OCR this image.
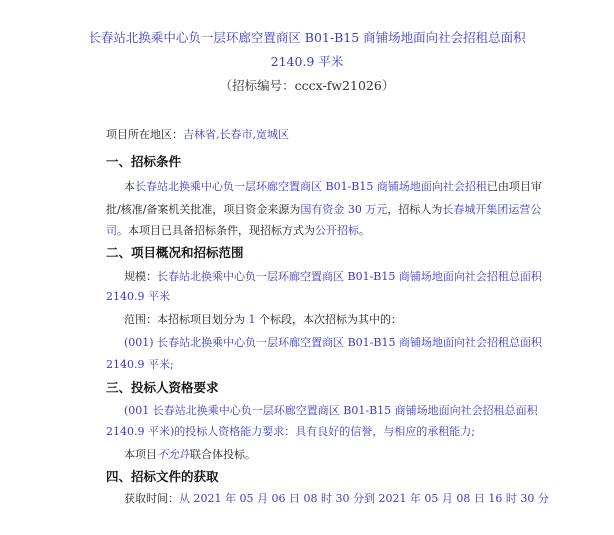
长春站北换乘中心负一层环廊空置商区 B01-B15 商铺场地面向社会招租总面积
2140.9 平米
（招标编号：cccx-fw21026）
项目所在地区：吉林省,长春市,宽城区
一、招标条件
本长春站北换乘中心负一层环廊空置商区 B01-B15 商铺场地面向社会招租已由项目审
批/核准/备案机关批准，项目资金来源为国有资金 30 万元，招标人为长春城开集团运营公
司。本项目已具备招标条件，现招标方式为公开招标。
二、项目概况和招标范围
规模：长春站北换乘中心负一层环廊空置商区 B01-B15 商铺场地面向社会招租总面积
2140.9 平米
范围：本招标项目划分为 1 个标段，本次招标为其中的：
(001) 长春站北换乘中心负一层环廊空置商区 B01-B15 商铺场地面向社会招租总面积
2140.9 平米;
三、投标人资格要求
(001 长春站北换乘中心负一层环廊空置商区 B01-B15 商铺场地面向社会招租总面积
2140.9 平米)的投标人资格能力要求：具有良好的信誉，与相应的承租能力;
本项目不允许联合体投标。
四、招标文件的获取
获取时间：从 2021 年 05 月 06 日 08 时 30 分到 2021 年 05 月 08 日 16 时 30 分
